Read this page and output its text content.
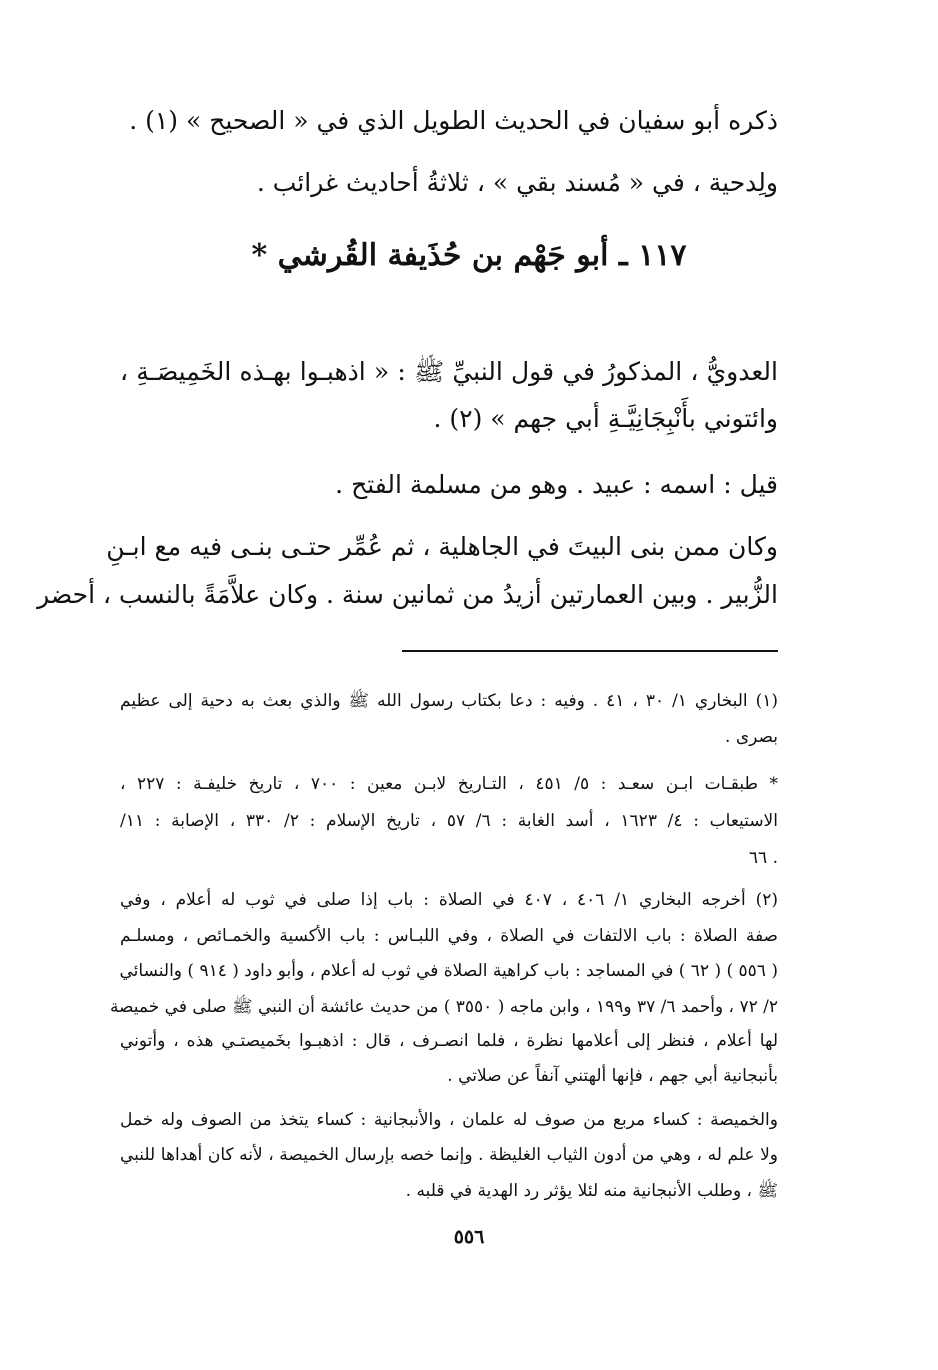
ذكره أبو سفيان في الحديث الطويل الذي في « الصحيح » (١) .
ولِدحية ، في « مُسند بقي » ، ثلاثةُ أحاديث غرائب .
١١٧ ـ أبو جَهْم بن حُذَيفة القُرشي *
العدويُّ ، المذكورُ في قول النبيِّ ﷺ : « اذهبـوا بهـذه الخَمِيصَـةِ ،
وائتوني بأَنْبِجَانِيَّـةِ أبي جهم » (٢) .
قيل : اسمه : عبيد . وهو من مسلمة الفتح .
وكان ممن بنى البيتَ في الجاهلية ، ثم عُمِّر حتـى بنـى فيه مع ابـنِ
الزُّبير . وبين العمارتين أزيدُ من ثمانين سنة . وكان علاَّمَةً بالنسب ، أحضر
(١) البخاري ١/ ٣٠ ، ٤١ . وفيه : دعا بكتاب رسول الله ﷺ والذي بعث به دحية إلى عظيم
بصرى .
* طبقـات ابـن سعـد : ٥/ ٤٥١ ، التـاريخ لابـن معين : ٧٠٠ ، تاريخ خليفـة : ٢٢٧ ،
الاستيعاب : ٤/ ١٦٢٣ ، أسد الغابة : ٦/ ٥٧ ، تاريخ الإسلام : ٢/ ٣٣٠ ، الإصابة : ١١/
٦٦ .
(٢) أخرجه البخاري ١/ ٤٠٦ ، ٤٠٧ في الصلاة : باب إذا صلى في ثوب له أعلام ، وفي
صفة الصلاة : باب الالتفات في الصلاة ، وفي اللبـاس : باب الأكسية والخمـائص ، ومسلـم
( ٥٥٦ ) ( ٦٢ ) في المساجد : باب كراهية الصلاة في ثوب له أعلام ، وأبو داود ( ٩١٤ ) والنسائي
٢/ ٧٢ ، وأحمد ٦/ ٣٧ و١٩٩ ، وابن ماجه ( ٣٥٥٠ ) من حديث عائشة أن النبي ﷺ صلى في خميصة
لها أعلام ، فنظر إلى أعلامها نظرة ، فلما انصـرف ، قال : اذهبـوا بخَميصتـي هذه ، وأتوني
بأنبجانية أبي جهم ، فإنها ألهتني آنفاً عن صلاتي .
والخميصة : كساء مربع من صوف له علمان ، والأنبجانية : كساء يتخذ من الصوف وله خمل
ولا علم له ، وهي من أدون الثياب الغليظة . وإنما خصه بإرسال الخميصة ، لأنه كان أهداها للنبي
ﷺ ، وطلب الأنبجانية منه لئلا يؤثر رد الهدية في قلبه .
٥٥٦
